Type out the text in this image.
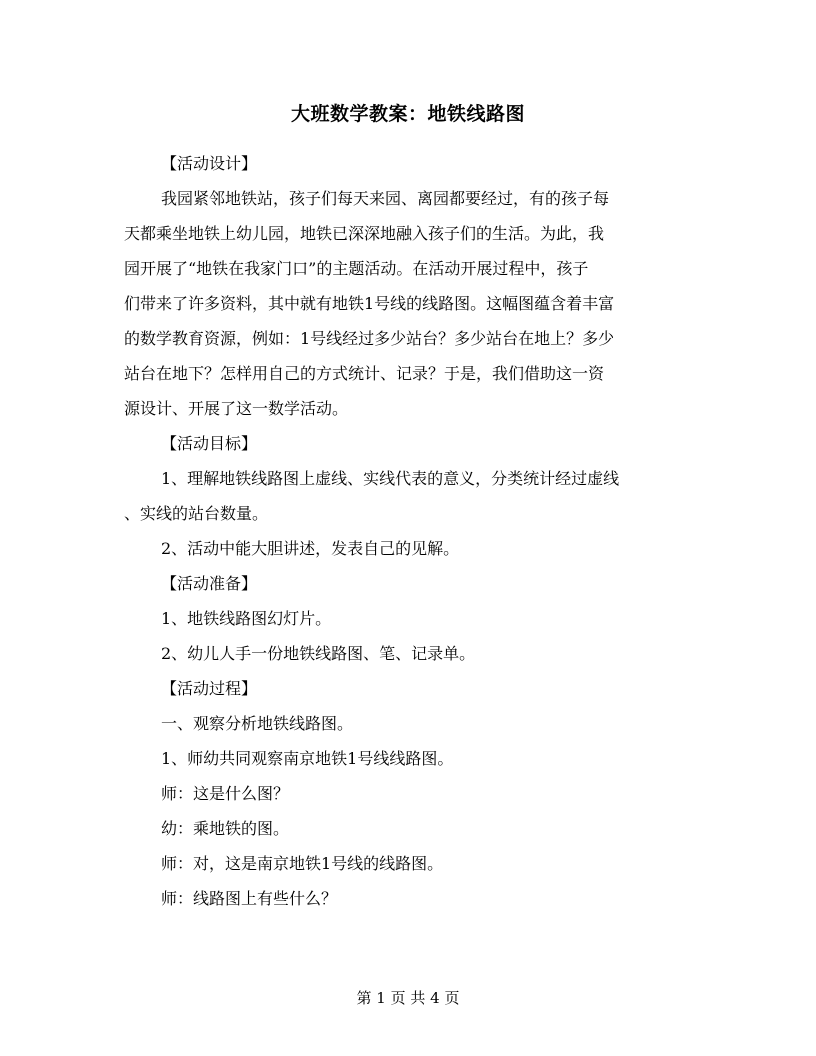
大班数学教案：地铁线路图
【活动设计】
我园紧邻地铁站，孩子们每天来园、离园都要经过，有的孩子每
天都乘坐地铁上幼儿园，地铁已深深地融入孩子们的生活。为此，我
园开展了“地铁在我家门口”的主题活动。在活动开展过程中，孩子
们带来了许多资料，其中就有地铁1号线的线路图。这幅图蕴含着丰富
的数学教育资源，例如：1号线经过多少站台？多少站台在地上？多少
站台在地下？怎样用自己的方式统计、记录？于是，我们借助这一资
源设计、开展了这一数学活动。
【活动目标】
1、理解地铁线路图上虚线、实线代表的意义，分类统计经过虚线
、实线的站台数量。
2、活动中能大胆讲述，发表自己的见解。
【活动准备】
1、地铁线路图幻灯片。
2、幼儿人手一份地铁线路图、笔、记录单。
【活动过程】
一、观察分析地铁线路图。
1、师幼共同观察南京地铁1号线线路图。
师：这是什么图？
幼：乘地铁的图。
师：对，这是南京地铁1号线的线路图。
师：线路图上有些什么？
第 1 页 共 4 页
